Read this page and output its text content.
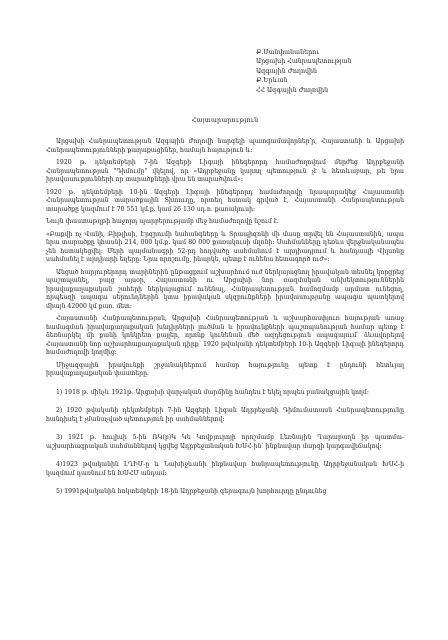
Ք.Սանփանաներու
Արցախի Հանրապետության
Ազգային Ժողովին
Ք.Երևան
ՀՀ Ազգային Ժողովին
Հայտարարություն

Արցախի Հանրապետության Ազգային Ժողովի նարգելի պատգամավորներ՛ր, Հայաստանի և Արցախի Հանրապետությունների քաղաքացիներ, համայն հայություն և:

1920 թ. դեկտեմբերի 7-ին Ազգերի Լիգայի ինեգերորդ համաժողովում մերժեց Ադրբեջանի Հանրապետության "Դիմումը" վկելով, որ «Ադրբեջանը կարող պետություն չէ և հետևաբար, թե նրա իրավասությունների որ տարածքների վրա են տարածվում»:

1920 թ. դեկտեմբերի 10-ին Ազգերի Լիգայի ինեգերորդ համաժողովը նրապարակեց Հայաստանի Հանրապետության տարածքային Տիտուղը, որտեղ հստակ գրված է, Հայաստանի Հանրապետության տարածքը կազմում է 70 551 կմ.ք. կամ 26 130 սդ.ո. քառակուսի:

Նույն փաստաթղթի հաջորդ պարբերությամբ մեջ համաժողովը նշում է.

«Բաքվի ոչ Վանի, Բիթլիսի, Էրզրումի նահանգները և Տրապիզոնի մի մասը տրվել են Հայաստանին, ապա նրա տարածքը կհասնի 214, 000 կմ.ք. կամ 80 000 քառակուսի մղոնի: Սահմանները դեռևս վերջնականապես չեն հստակեցվել: Սերի պայմանագրի 52-րդ հոդվածը սահմանում է արդիադրում և հանդապի Վիլսոնը սահմանել է արդիարի եղերը: Նրա որոշումը, ինարկե, պետք է ունենա հետագործ ուժ»:

Անցած հարյուրերորդ տարիներին ընթացքում աշխարհում ուժ ներկայացնող իրավական տեսնել կորցրեց պաշտպանել, բայց այսօր, Հայաստանի ու Արցախի նոր ռազմական անխեկտություններին իրավաքաղաքական շահերի ներկայացում ունենալ, Հանրապետության համոզմամբ արմատ ունեցող, որպեսզի ապագա սերունդներին կտա իրավական սկզբունքների իրավասությանը ապագա պատկերով միայն 42000 կմ քառ. մետ:

Հայաստանի Հանրապետության, Արցախի Հանրապետության և աշխարհասփյուռ հայության առաջ համագման իրավաքաղաքական խնդիրների լուծման և իրավունքների պաշտպանության համար պետք է ձեռնարկել մի քանի կոնկրետ քայլեր, որոնք կունենան մեծ ազդեցություն ապագայում՝ ձևավորելով Հայաստանի նոր աշխարհաքաղաքական դիրք՝ 1920 թվականի դեկտեմբերի 10-ի Ազգերի Լիգայի ինեգերորդ համաժողովի կողմից:

Միջազգային իրավունքի շրջանակներում համար հայությունը պետք է ընդունի հետևյալ իրավաքաղաքական փաստերը.

1) 1918 թ. մինչև 1921թ. Արցախի վարչական մարմինը հանդես է եկել որպես բանակցային կողմ:

2) 1920 թվականի դեկտեմբերի 7-ին Ազգերի Լիգան Ադրբեջանի Դիմումատասն Հանրապետությունը հանդիսել է չմանաչված պետություն իր սահմաններով:

3) 1921 թ. հուլիսի 5-ին ՌԿ(բ)Կ Կե Կովբյուրոյի որոշմամբ Լեռնային Ղարաբաղն իր պատմա-աշխարհագրական սահմաններով կցվեց Ադրբեջանական ԽՍՀ-ին՝ ինքնավար մարզի կարգավիճակով:

4)1923 թվականին ԼՂԻՄ-ը և Նախիջևանի ինքնավար հանրապետությունը Ադրբեջանական ԽՍՀ-ի կազմում դառնում են ԽՍՀՄ անդամ:

5) 1991թվականին հոկտեմբերի 18-ին Ադրբեջանի գերագույն խորհուրդը ընդունեց
